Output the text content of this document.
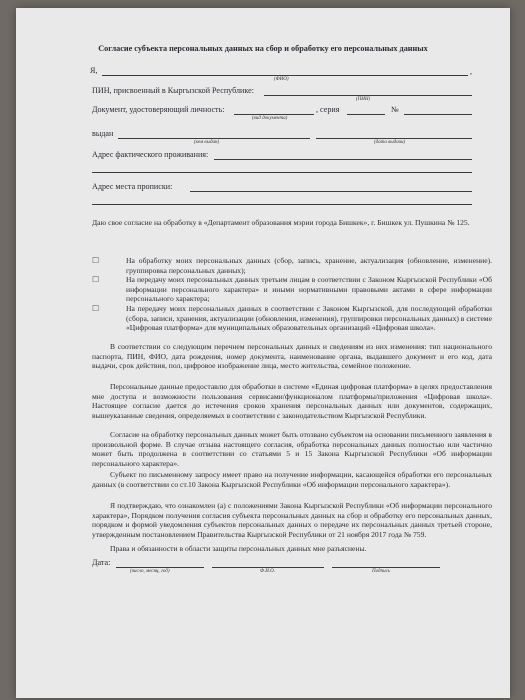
Согласие субъекта персональных данных на сбор и обработку его персональных данных
Я,	,
(ФИО)
ПИН, присвоенный в Кыргызской Республике:
(ПИН)
Документ, удостоверяющий личность:
(вид документа)
, серия	№
выдан
(кем выдан)	(дата выдачи)
Адрес фактического проживания:
Адрес места прописки:
Даю свое согласие на обработку в «Департамент образования мэрии города Бишкек», г. Бишкек ул. Пушкина № 125.
☐	На обработку моих персональных данных (сбор, запись, хранение, актуализация (обновление, изменение). группировка персональных данных);
☐	На передачу моих персональных данных третьим лицам в соответствии с Законом Кыргызской Республики «Об информации персонального характера» и иными нормативными правовыми актами в сфере информации персонального характера;
☐	На передачу моих персональных данных в соответствии с Законом Кыргызской, для последующей обработки (сбора, записи, хранения, актуализации (обновления, изменения), группировки персональных данных) в системе «Цифровая платформа» для муниципальных образовательных организаций «Цифровая школа».
В соответствии со следующим перечнем персональных данных и сведениям из них изменения: тип национального паспорта, ПИН, ФИО, дата рождения, номер документа, наименование органа, выдавшего документ и его код, дата выдачи, срок действия, пол, цифровое изображение лица, место жительства, семейное положение.
Персональные данные предоставлю для обработки в системе «Единая цифровая платформа» в целях предоставления мне доступа и возможности пользования сервисами/функционалом платформы/приложения «Цифровая школа». Настоящее согласие дается до истечения сроков хранения персональных данных или документов, содержащих, вышеуказанные сведения, определяемых в соответствии с законодательством Кыргызской Республики.
Согласие на обработку персональных данных может быть отозвано субъектом на основании письменного заявления в произвольной форме. В случае отзыва настоящего согласия, обработка персональных данных полностью или частично может быть продолжена в соответствии со статьями 5 и 15 Закона Кыргызской Республики «Об информации персонального характера».
Субъект по письменному запросу имеет право на получение информации, касающейся обработки его персональных данных (в соответствии со ст.10 Закона Кыргызской Республики «Об информации персонального характера»).
Я подтверждаю, что ознакомлен (а) с положениями Закона Кыргызской Республики «Об информации персонального характера», Порядком получения согласия субъекта персональных данных на сбор и обработку его персональных данных, порядком и формой уведомления субъектов персональных данных о передаче их персональных данных третьей стороне, утвержденным постановлением Правительства Кыргызской Республики от 21 ноября 2017 года № 759.
Права и обязанности в области защиты персональных данных мне разъяснены.
Дата:
(число, месяц, год)	Ф.И.О.	Подпись
